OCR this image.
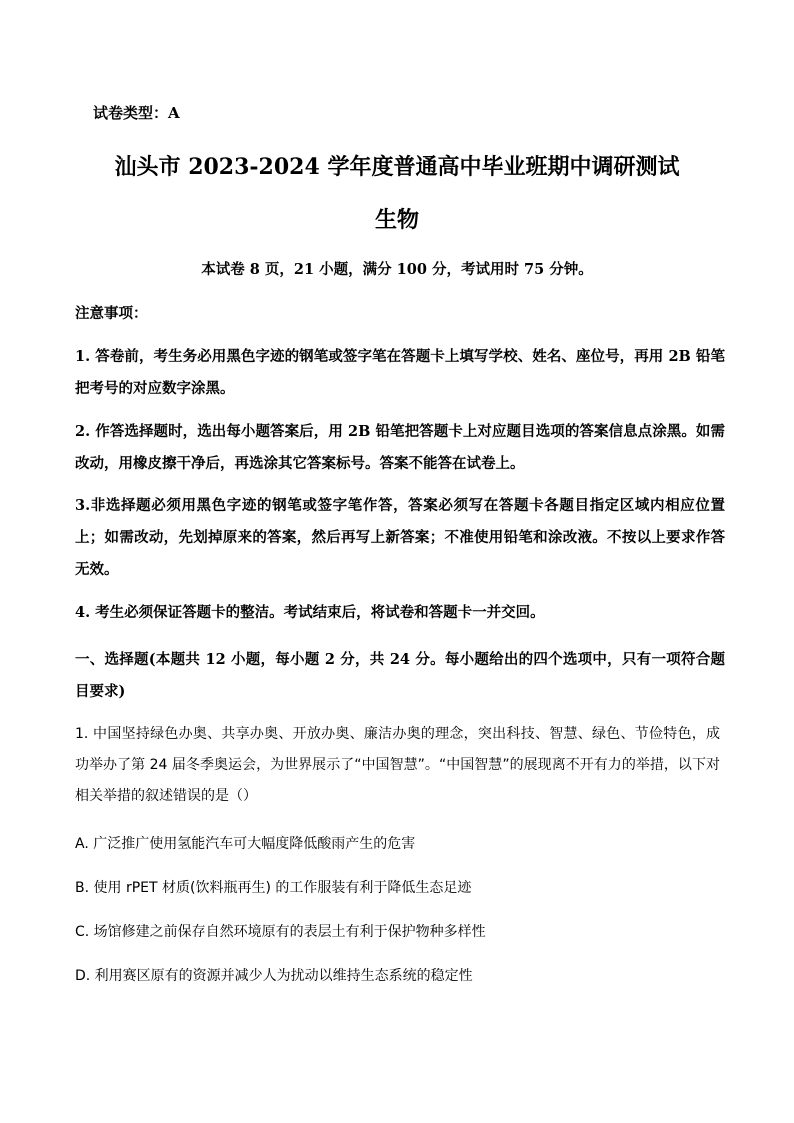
试卷类型：A
汕头市 2023-2024 学年度普通高中毕业班期中调研测试
生物
本试卷 8 页，21 小题，满分 100 分，考试用时 75 分钟。
注意事项：
1. 答卷前，考生务必用黑色字迹的钢笔或签字笔在答题卡上填写学校、姓名、座位号，再用 2B 铅笔把考号的对应数字涂黑。
2. 作答选择题时，选出每小题答案后，用 2B 铅笔把答题卡上对应题目选项的答案信息点涂黑。如需改动，用橡皮擦干净后，再选涂其它答案标号。答案不能答在试卷上。
3.非选择题必须用黑色字迹的钢笔或签字笔作答，答案必须写在答题卡各题目指定区域内相应位置上；如需改动，先划掉原来的答案，然后再写上新答案；不准使用铅笔和涂改液。不按以上要求作答无效。
4. 考生必须保证答题卡的整洁。考试结束后，将试卷和答题卡一并交回。
一、选择题(本题共 12 小题，每小题 2 分，共 24 分。每小题给出的四个选项中，只有一项符合题目要求)
1. 中国坚持绿色办奥、共享办奥、开放办奥、廉洁办奥的理念，突出科技、智慧、绿色、节俭特色，成功举办了第 24 届冬季奥运会，为世界展示了“中国智慧”。“中国智慧”的展现离不开有力的举措，以下对相关举措的叙述错误的是（）
A. 广泛推广使用氢能汽车可大幅度降低酸雨产生的危害
B. 使用 rPET 材质(饮料瓶再生) 的工作服装有利于降低生态足迹
C. 场馆修建之前保存自然环境原有的表层土有利于保护物种多样性
D. 利用赛区原有的资源并减少人为扰动以维持生态系统的稳定性
